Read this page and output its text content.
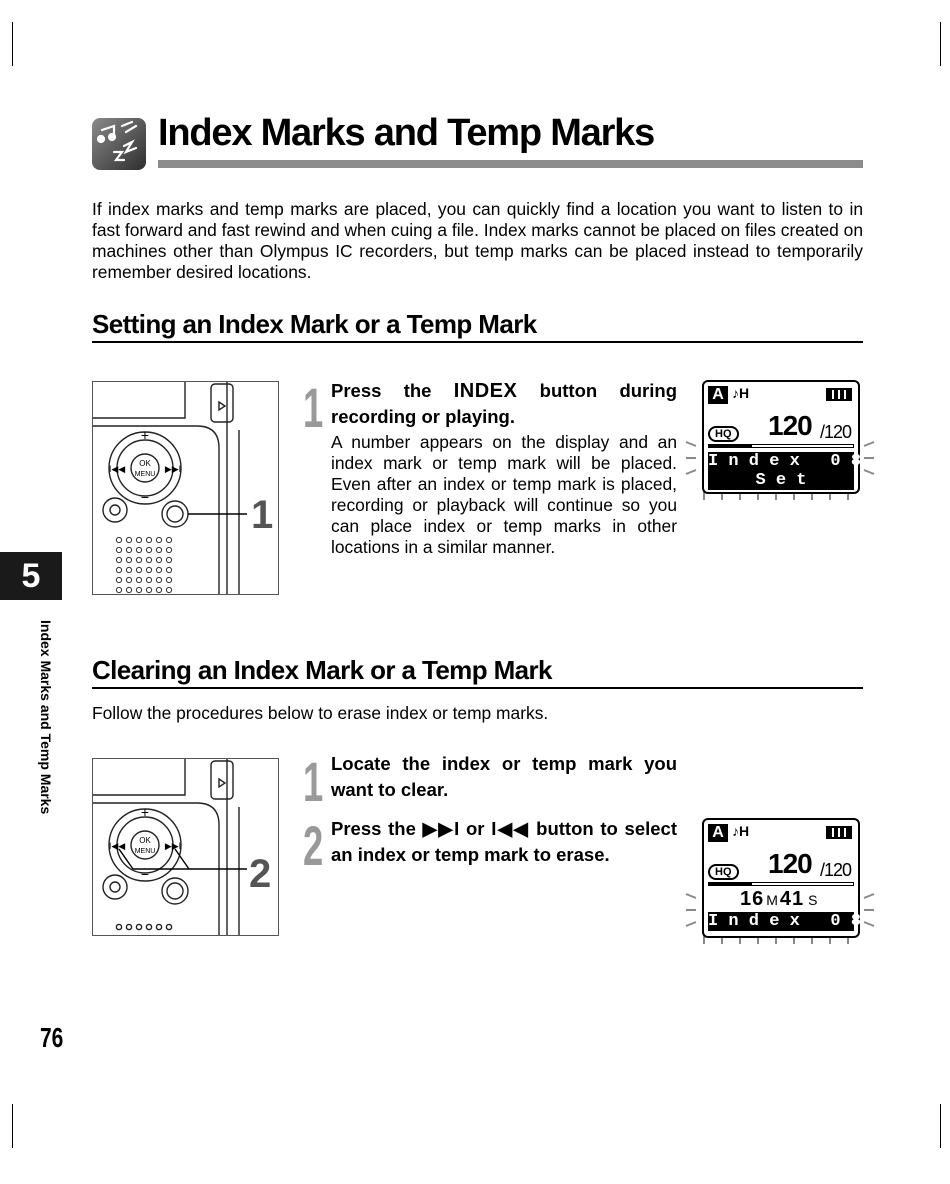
Index Marks and Temp Marks
If index marks and temp marks are placed, you can quickly find a location you want to listen to in fast forward and fast rewind and when cuing a file. Index marks cannot be placed on files created on machines other than Olympus IC recorders, but temp marks can be placed instead to temporarily remember desired locations.
Setting an Index Mark or a Temp Mark
+
−
I◀◀	▶▶I
OK
MENU
1
1 Press the INDEX button during recording or playing.
A number appears on the display and an index mark or temp mark will be placed. Even after an index or temp mark is placed, recording or playback will continue so you can place index or temp marks in other locations in a similar manner.
A ♪H
HQ 120 /120
I n d e x   0 8
S e t
Clearing an Index Mark or a Temp Mark
Follow the procedures below to erase index or temp marks.
+
−
I◀◀	▶▶I
OK
MENU
2
1 Locate the index or temp mark you want to clear.
2 Press the ▶▶I or I◀◀ button to select an index or temp mark to erase.
A ♪H
HQ 120 /120
16 M 41 S
I n d e x   0 8
5
Index Marks and Temp Marks
76
